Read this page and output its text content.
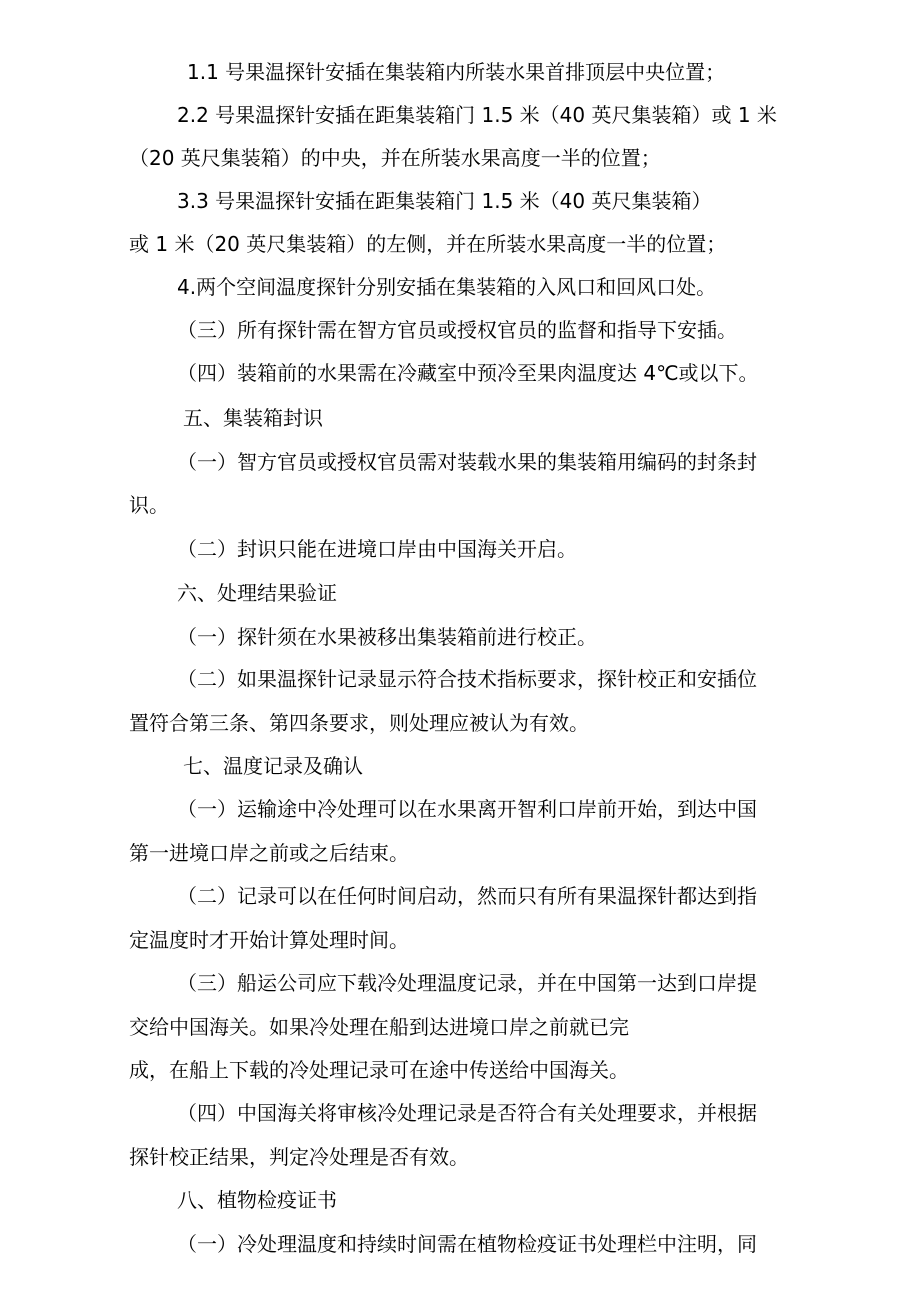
1.1 号果温探针安插在集装箱内所装水果首排顶层中央位置；
2.2 号果温探针安插在距集装箱门 1.5 米（40 英尺集装箱）或 1 米
（20 英尺集装箱）的中央，并在所装水果高度一半的位置；
3.3 号果温探针安插在距集装箱门 1.5 米（40 英尺集装箱）
或 1 米（20 英尺集装箱）的左侧，并在所装水果高度一半的位置；
4.两个空间温度探针分别安插在集装箱的入风口和回风口处。
（三）所有探针需在智方官员或授权官员的监督和指导下安插。
（四）装箱前的水果需在冷藏室中预冷至果肉温度达 4℃或以下。
五、集装箱封识
（一）智方官员或授权官员需对装载水果的集装箱用编码的封条封
识。
（二）封识只能在进境口岸由中国海关开启。
六、处理结果验证
（一）探针须在水果被移出集装箱前进行校正。
（二）如果温探针记录显示符合技术指标要求，探针校正和安插位
置符合第三条、第四条要求，则处理应被认为有效。
七、温度记录及确认
（一）运输途中冷处理可以在水果离开智利口岸前开始，到达中国
第一进境口岸之前或之后结束。
（二）记录可以在任何时间启动，然而只有所有果温探针都达到指
定温度时才开始计算处理时间。
（三）船运公司应下载冷处理温度记录，并在中国第一达到口岸提
交给中国海关。如果冷处理在船到达进境口岸之前就已完
成，在船上下载的冷处理记录可在途中传送给中国海关。
（四）中国海关将审核冷处理记录是否符合有关处理要求，并根据
探针校正结果，判定冷处理是否有效。
八、植物检疫证书
（一）冷处理温度和持续时间需在植物检疫证书处理栏中注明，同
